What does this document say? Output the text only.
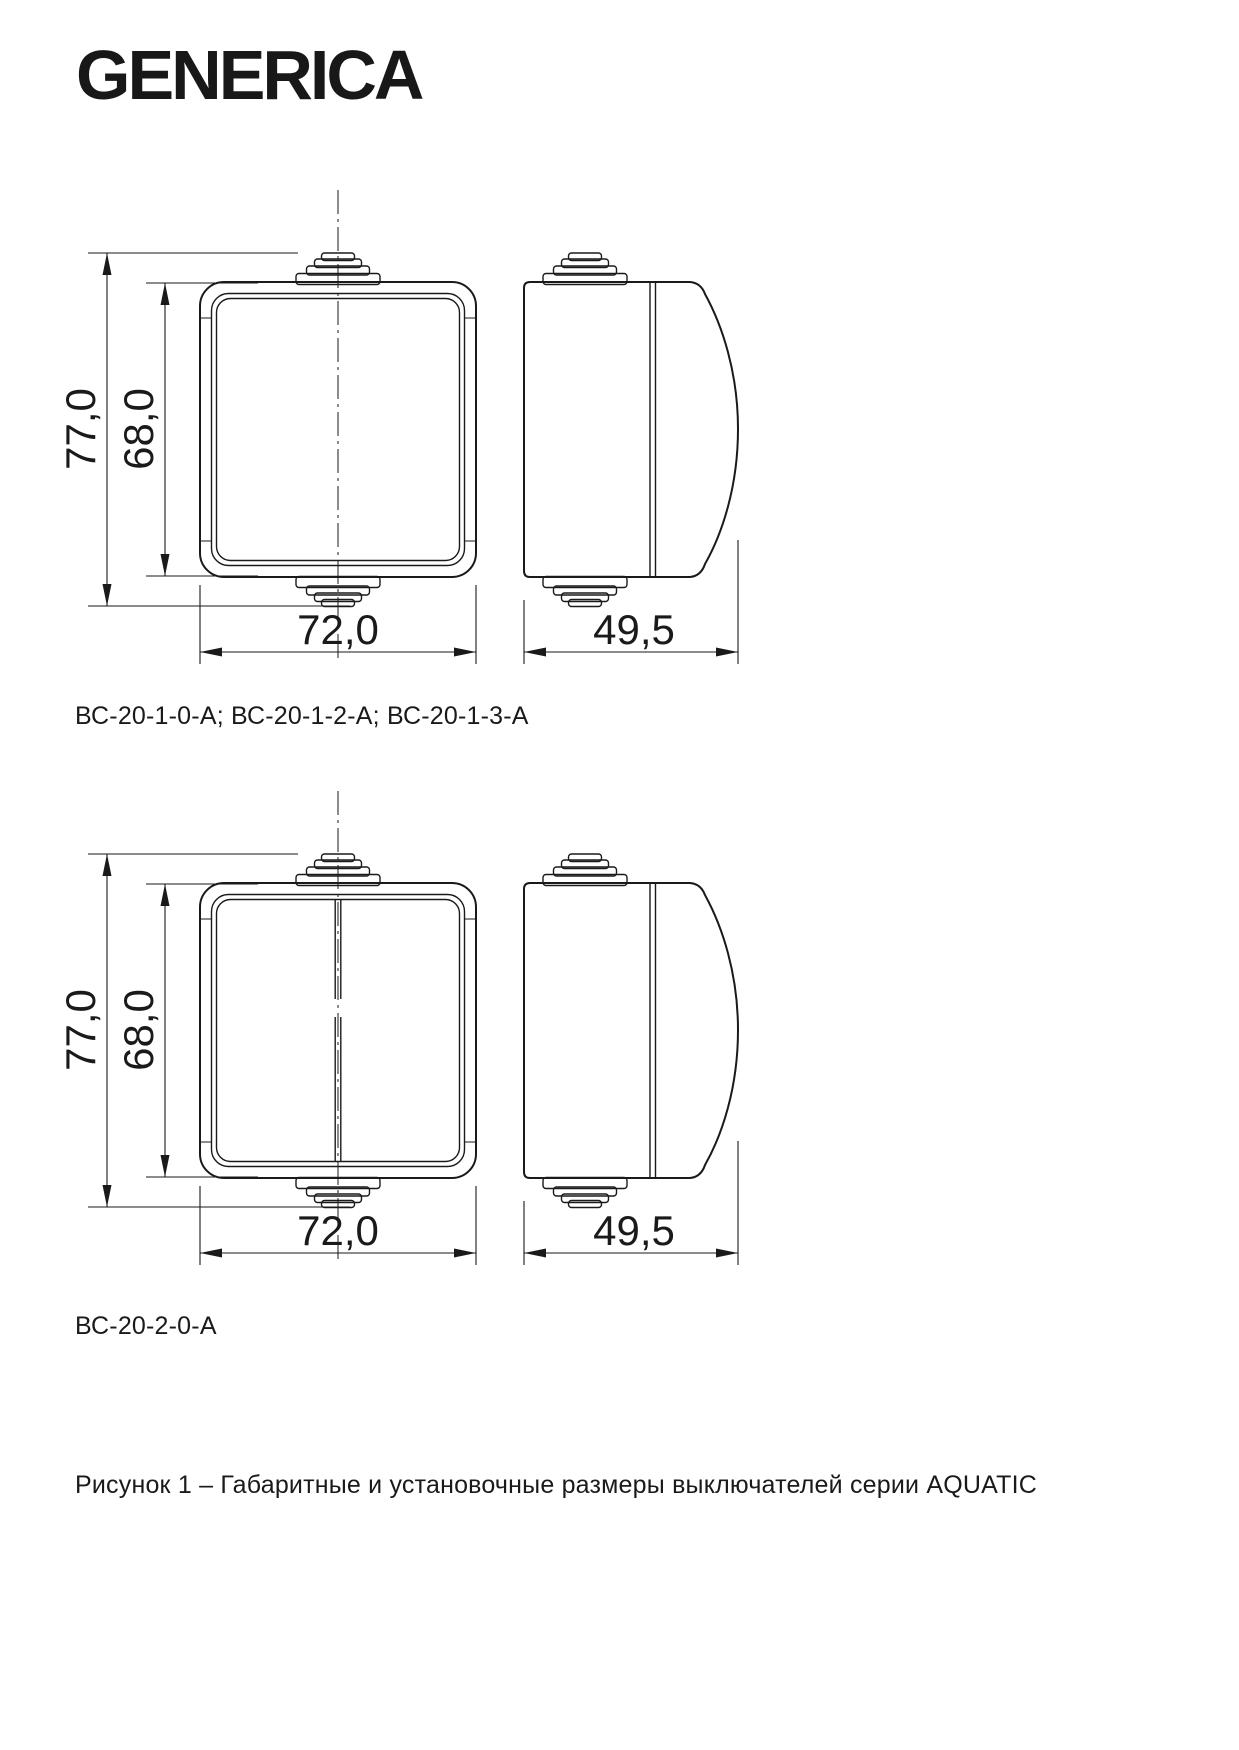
GENERICA
77,0 68,0
72,0	49,5
77,0 68,0
72,0	49,5
ВС-20-1-0-А; ВС-20-1-2-А; ВС-20-1-3-А
ВС-20-2-0-А
Рисунок 1 – Габаритные и установочные размеры выключателей серии AQUATIC
